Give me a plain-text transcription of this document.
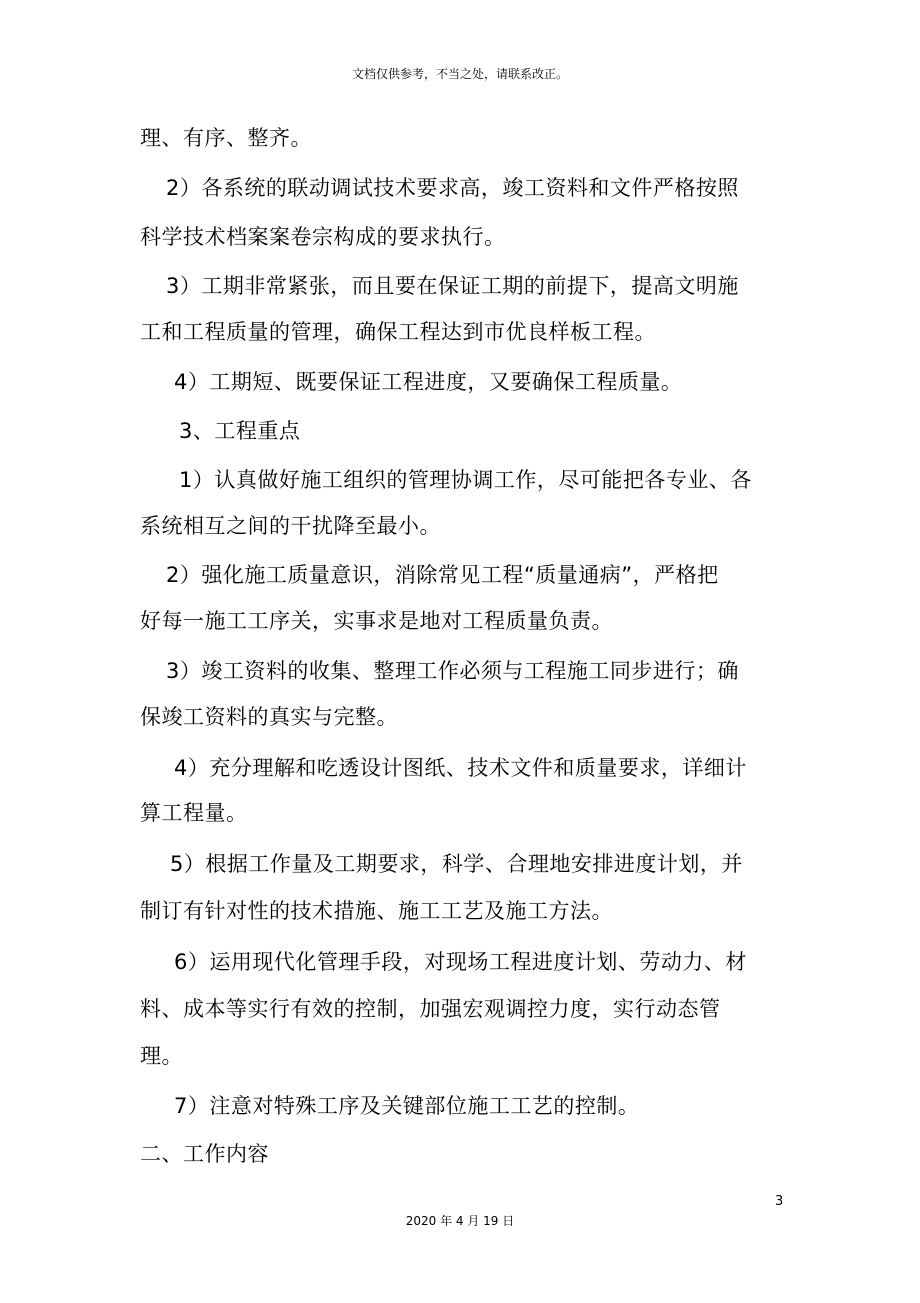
文档仅供参考，不当之处，请联系改正。
理、有序、整齐。
2）各系统的联动调试技术要求高，竣工资料和文件严格按照
科学技术档案案卷宗构成的要求执行。
3）工期非常紧张，而且要在保证工期的前提下，提高文明施
工和工程质量的管理，确保工程达到市优良样板工程。
4）工期短、既要保证工程进度，又要确保工程质量。
3、工程重点
1）认真做好施工组织的管理协调工作，尽可能把各专业、各
系统相互之间的干扰降至最小。
2）强化施工质量意识，消除常见工程“质量通病”，严格把
好每一施工工序关，实事求是地对工程质量负责。
3）竣工资料的收集、整理工作必须与工程施工同步进行；确
保竣工资料的真实与完整。
4）充分理解和吃透设计图纸、技术文件和质量要求，详细计
算工程量。
5）根据工作量及工期要求，科学、合理地安排进度计划，并
制订有针对性的技术措施、施工工艺及施工方法。
6）运用现代化管理手段，对现场工程进度计划、劳动力、材
料、成本等实行有效的控制，加强宏观调控力度，实行动态管
理。
7）注意对特殊工序及关键部位施工工艺的控制。
二、工作内容
3
2020 年 4 月 19 日
